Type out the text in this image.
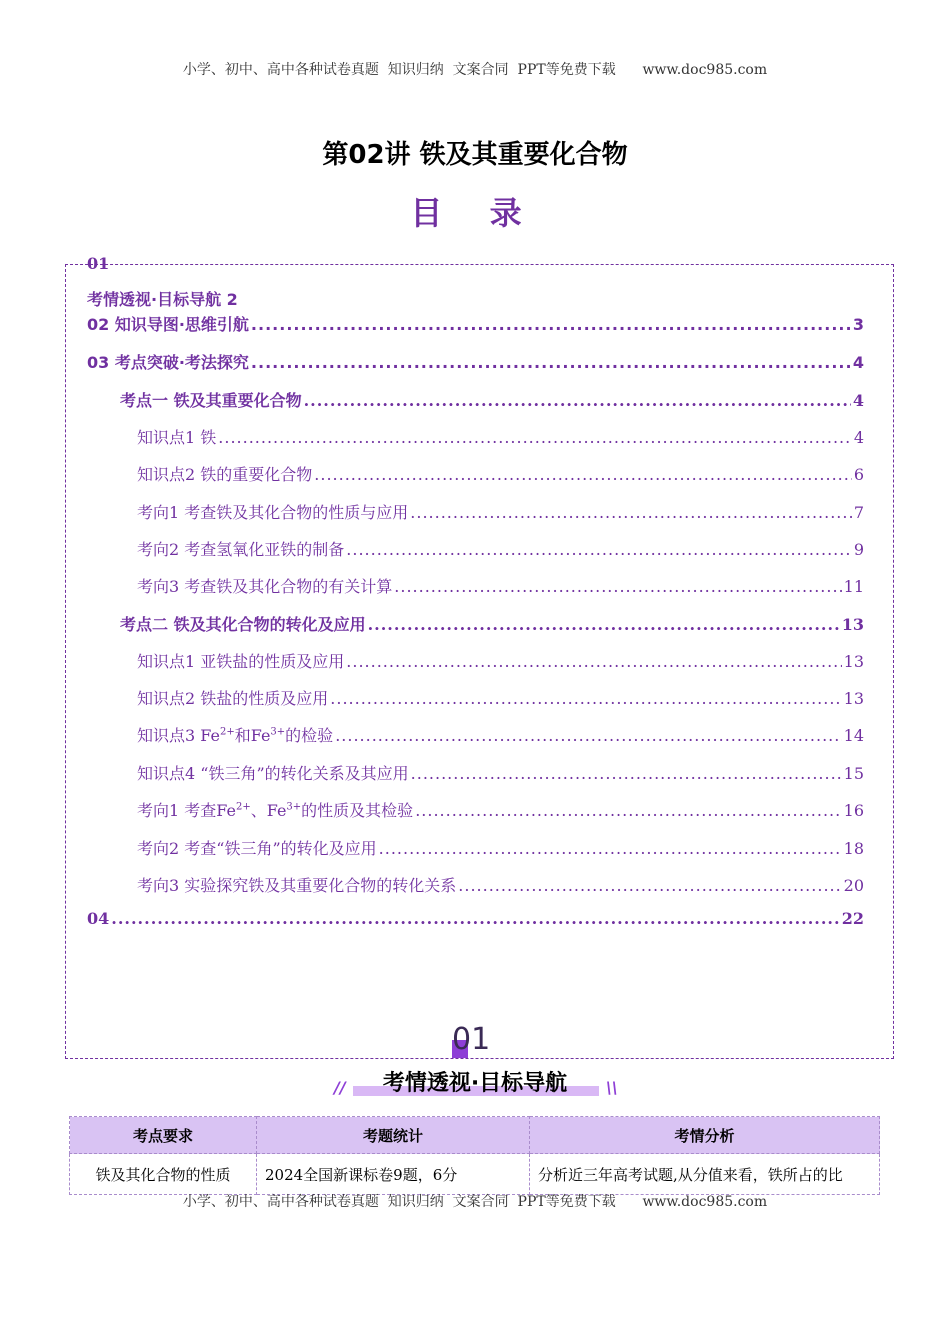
小学、初中、高中各种试卷真题  知识归纳  文案合同  PPT等免费下载      www.doc985.com
第02讲 铁及其重要化合物
目 录
01
考情透视·目标导航 2
02 知识导图·思维引航 .....	3
03 考点突破·考法探究 .....	4
考点一 铁及其重要化合物 .....	4
知识点1 铁 .....	4
知识点2 铁的重要化合物 .....	6
考向1 考查铁及其化合物的性质与应用 .....	7
考向2 考查氢氧化亚铁的制备 .....	9
考向3 考查铁及其化合物的有关计算 .....	11
考点二 铁及其化合物的转化及应用 .....	13
知识点1 亚铁盐的性质及应用 .....	13
知识点2 铁盐的性质及应用 .....	13
知识点3 $Fe^{2+}$和$Fe^{3+}$的检验 .....	14
知识点4 “铁三角”的转化关系及其应用 .....	15
考向1 考查$Fe^{2+}$、$Fe^{3+}$的性质及其检验 .....	16
考向2 考查“铁三角”的转化及应用 .....	18
考向3 实验探究铁及其重要化合物的转化关系 .....	20
04 .....	22
01
//	\\
考情透视·目标导航
考点要求	考题统计	考情分析
铁及其化合物的性质	2024全国新课标卷9题，6分	分析近三年高考试题,从分值来看，铁所占的比
小学、初中、高中各种试卷真题  知识归纳  文案合同  PPT等免费下载      www.doc985.com
